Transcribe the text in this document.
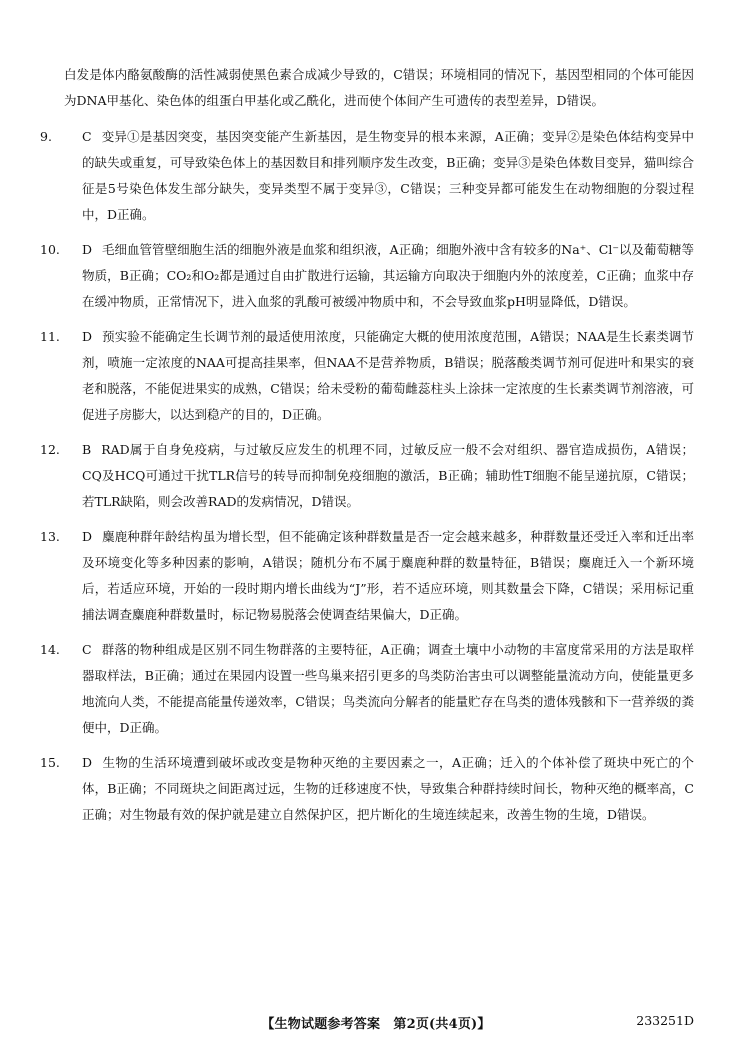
白发是体内酪氨酸酶的活性减弱使黑色素合成减少导致的，C错误；环境相同的情况下，基因型相同的个体可能因为DNA甲基化、染色体的组蛋白甲基化或乙酰化，进而使个体间产生可遗传的表型差异，D错误。

9.	C 变异①是基因突变，基因突变能产生新基因，是生物变异的根本来源，A正确；变异②是染色体结构变异中的缺失或重复，可导致染色体上的基因数目和排列顺序发生改变，B正确；变异③是染色体数目变异，猫叫综合征是5号染色体发生部分缺失，变异类型不属于变异③，C错误；三种变异都可能发生在动物细胞的分裂过程中，D正确。
10.	D 毛细血管管壁细胞生活的细胞外液是血浆和组织液，A正确；细胞外液中含有较多的Na⁺、Cl⁻以及葡萄糖等物质，B正确；CO₂和O₂都是通过自由扩散进行运输，其运输方向取决于细胞内外的浓度差，C正确；血浆中存在缓冲物质，正常情况下，进入血浆的乳酸可被缓冲物质中和，不会导致血浆pH明显降低，D错误。
11.	D 预实验不能确定生长调节剂的最适使用浓度，只能确定大概的使用浓度范围，A错误；NAA是生长素类调节剂，喷施一定浓度的NAA可提高挂果率，但NAA不是营养物质，B错误；脱落酸类调节剂可促进叶和果实的衰老和脱落，不能促进果实的成熟，C错误；给未受粉的葡萄雌蕊柱头上涂抹一定浓度的生长素类调节剂溶液，可促进子房膨大，以达到稳产的目的，D正确。
12.	B RAD属于自身免疫病，与过敏反应发生的机理不同，过敏反应一般不会对组织、器官造成损伤，A错误；CQ及HCQ可通过干扰TLR信号的转导而抑制免疫细胞的激活，B正确；辅助性T细胞不能呈递抗原，C错误；若TLR缺陷，则会改善RAD的发病情况，D错误。
13.	D 麋鹿种群年龄结构虽为增长型，但不能确定该种群数量是否一定会越来越多，种群数量还受迁入率和迁出率及环境变化等多种因素的影响，A错误；随机分布不属于麋鹿种群的数量特征，B错误；麋鹿迁入一个新环境后，若适应环境，开始的一段时期内增长曲线为“J”形，若不适应环境，则其数量会下降，C错误；采用标记重捕法调查麋鹿种群数量时，标记物易脱落会使调查结果偏大，D正确。
14.	C 群落的物种组成是区别不同生物群落的主要特征，A正确；调查土壤中小动物的丰富度常采用的方法是取样器取样法，B正确；通过在果园内设置一些鸟巢来招引更多的鸟类防治害虫可以调整能量流动方向，使能量更多地流向人类，不能提高能量传递效率，C错误；鸟类流向分解者的能量贮存在鸟类的遗体残骸和下一营养级的粪便中，D正确。
15.	D 生物的生活环境遭到破坏或改变是物种灭绝的主要因素之一，A正确；迁入的个体补偿了斑块中死亡的个体，B正确；不同斑块之间距离过远，生物的迁移速度不快，导致集合种群持续时间长，物种灭绝的概率高，C正确；对生物最有效的保护就是建立自然保护区，把片断化的生境连续起来，改善生物的生境，D错误。
【生物试题参考答案　第2页(共4页)】	233251D
